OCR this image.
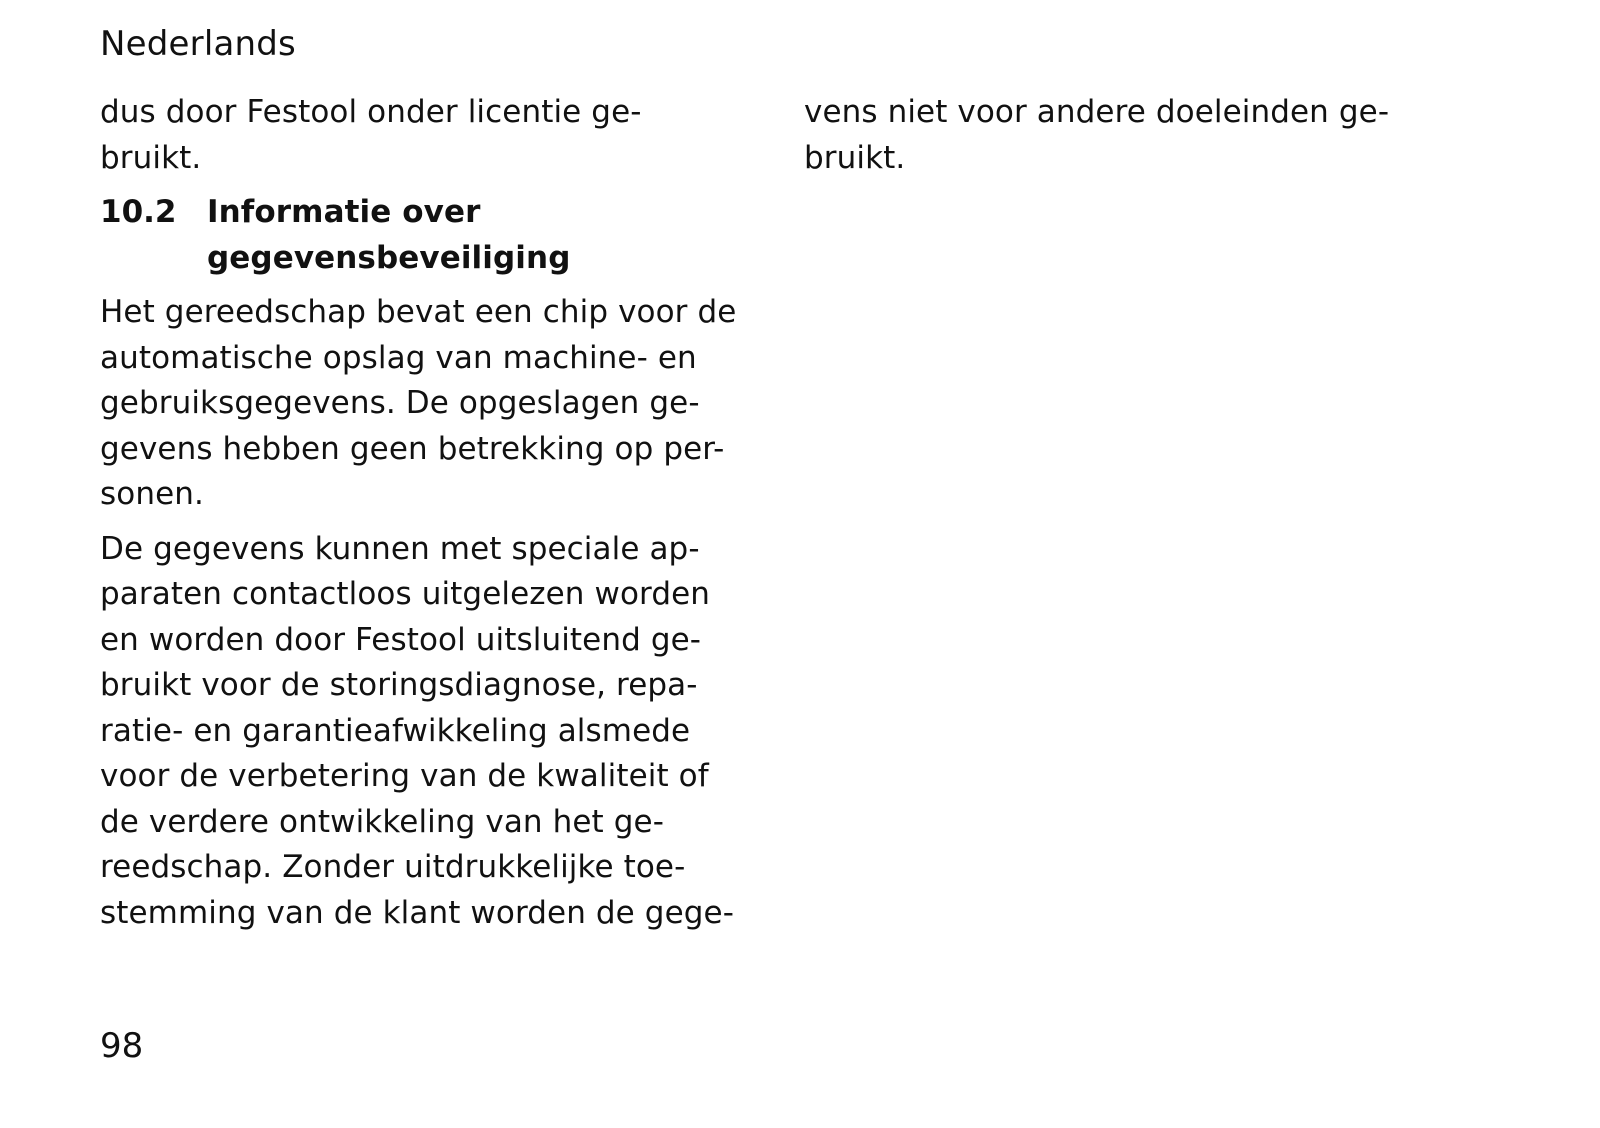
Nederlands
dus door Festool onder licentie ge-
bruikt.
10.2 Informatie over
gegevensbeveiliging
Het gereedschap bevat een chip voor de
automatische opslag van machine- en
gebruiksgegevens. De opgeslagen ge-
gevens hebben geen betrekking op per-
sonen.
De gegevens kunnen met speciale ap-
paraten contactloos uitgelezen worden
en worden door Festool uitsluitend ge-
bruikt voor de storingsdiagnose, repa-
ratie- en garantieafwikkeling alsmede
voor de verbetering van de kwaliteit of
de verdere ontwikkeling van het ge-
reedschap. Zonder uitdrukkelijke toe-
stemming van de klant worden de gege-
vens niet voor andere doeleinden ge-
bruikt.
98
